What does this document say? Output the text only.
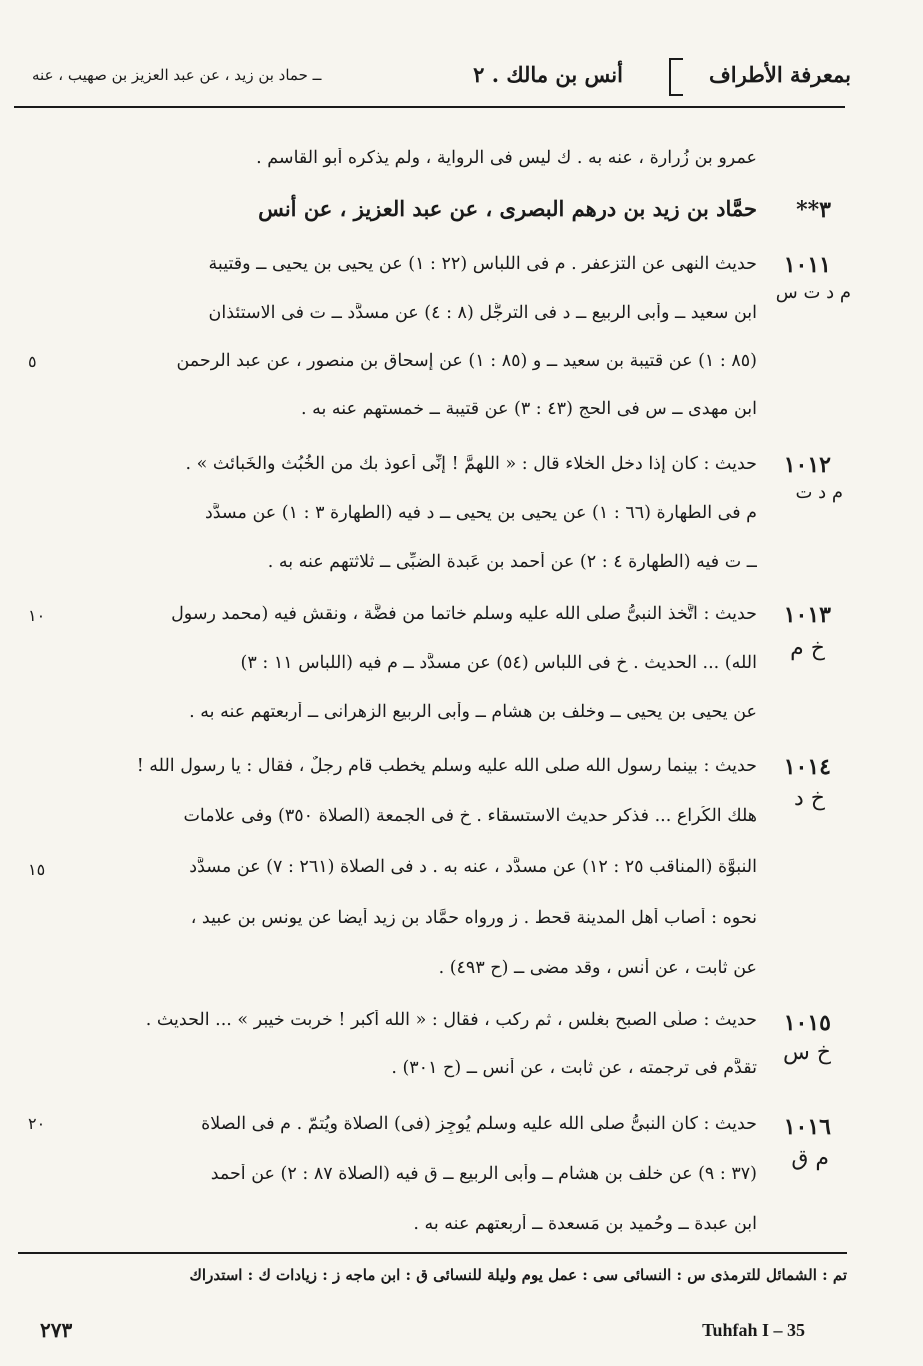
بمعرفة الأطراف
أنس بن مالك . ٢
ــ حماد بن زيد ، عن عبد العزيز بن صهيب ، عنه
عمرو بن زُرارة ، عنه به . ك ليس فى الرواية ، ولم يذكره أبو القاسم .
٣**
حمَّاد بن زيد بن درهم البصرى ، عن عبد العزيز ، عن أنس
١٠١١
م د ت س
حديث النهى عن التزعفر . م فى اللباس (٢٢ : ١) عن يحيى بن يحيى ــ وقتيبة
ابن سعيد ــ وأبى الربيع ــ د فى الترجُّل (٨ : ٤) عن مسدَّد ــ ت فى الاستئذان
(٨٥ : ١) عن قتيبة بن سعيد ــ و (٨٥ : ١) عن إسحاق بن منصور ، عن عبد الرحمن
ابن مهدى ــ س فى الحج (٤٣ : ٣) عن قتيبة ــ خمستهم عنه به .
٥
١٠١٢
م د ت
حديث : كان إذا دخل الخلاء قال : « اللهمَّ ! إنِّى أعوذ بك من الخُبُث والخَبائث » .
م فى الطهارة (٦٦ : ١) عن يحيى بن يحيى ــ د فيه (الطهارة ٣ : ١) عن مسدَّد
ــ ت فيه (الطهارة ٤ : ٢) عن أحمد بن عَبدة الضبِّى ــ ثلاثتهم عنه به .
١٠١٣
خ م
حديث : اتَّخذ النبىُّ صلى الله عليه وسلم خاتما من فضَّة ، ونقش فيه (محمد رسول
الله) ... الحديث . خ فى اللباس (٥٤) عن مسدَّد ــ م فيه (اللباس ١١ : ٣)
عن يحيى بن يحيى ــ وخلف بن هشام ــ وأبى الربيع الزهرانى ــ أربعتهم عنه به .
١٠
١٠١٤
خ د
حديث : بينما رسول الله صلى الله عليه وسلم يخطب قام رجلٌ ، فقال : يا رسول الله !
هلك الكُراع ... فذكر حديث الاستسقاء . خ فى الجمعة (الصلاة ٣٥٠) وفى علامات
النبوَّة (المناقب ٢٥ : ١٢) عن مسدَّد ، عنه به . د فى الصلاة (٢٦١ : ٧) عن مسدَّد
نحوه : أصاب أهل المدينة قحط . ز ورواه حمَّاد بن زيد أيضا عن يونس بن عبيد ،
عن ثابت ، عن أنس ، وقد مضى ــ (ح ٤٩٣) .
١٥
١٠١٥
خ س
حديث : صلَّى الصبح بغلس ، ثم ركب ، فقال : « الله أكبر ! خربت خيبر » ... الحديث .
تقدَّم فى ترجمته ، عن ثابت ، عن أنس ــ (ح ٣٠١) .
١٠١٦
م ق
حديث : كان النبىُّ صلى الله عليه وسلم يُوجِز (فى) الصلاة ويُتمّ . م فى الصلاة
(٣٧ : ٩) عن خلف بن هشام ــ وأبى الربيع ــ ق فيه (الصلاة ٨٧ : ٢) عن أحمد
ابن عبدة ــ وحُميد بن مَسعدة ــ أربعتهم عنه به .
٢٠
تم : الشمائل للترمذى س : النسائى سى : عمل يوم وليلة للنسائى ق : ابن ماجه ز : زيادات ك : استدراك
٢٧٣	Tuhfah I – 35
